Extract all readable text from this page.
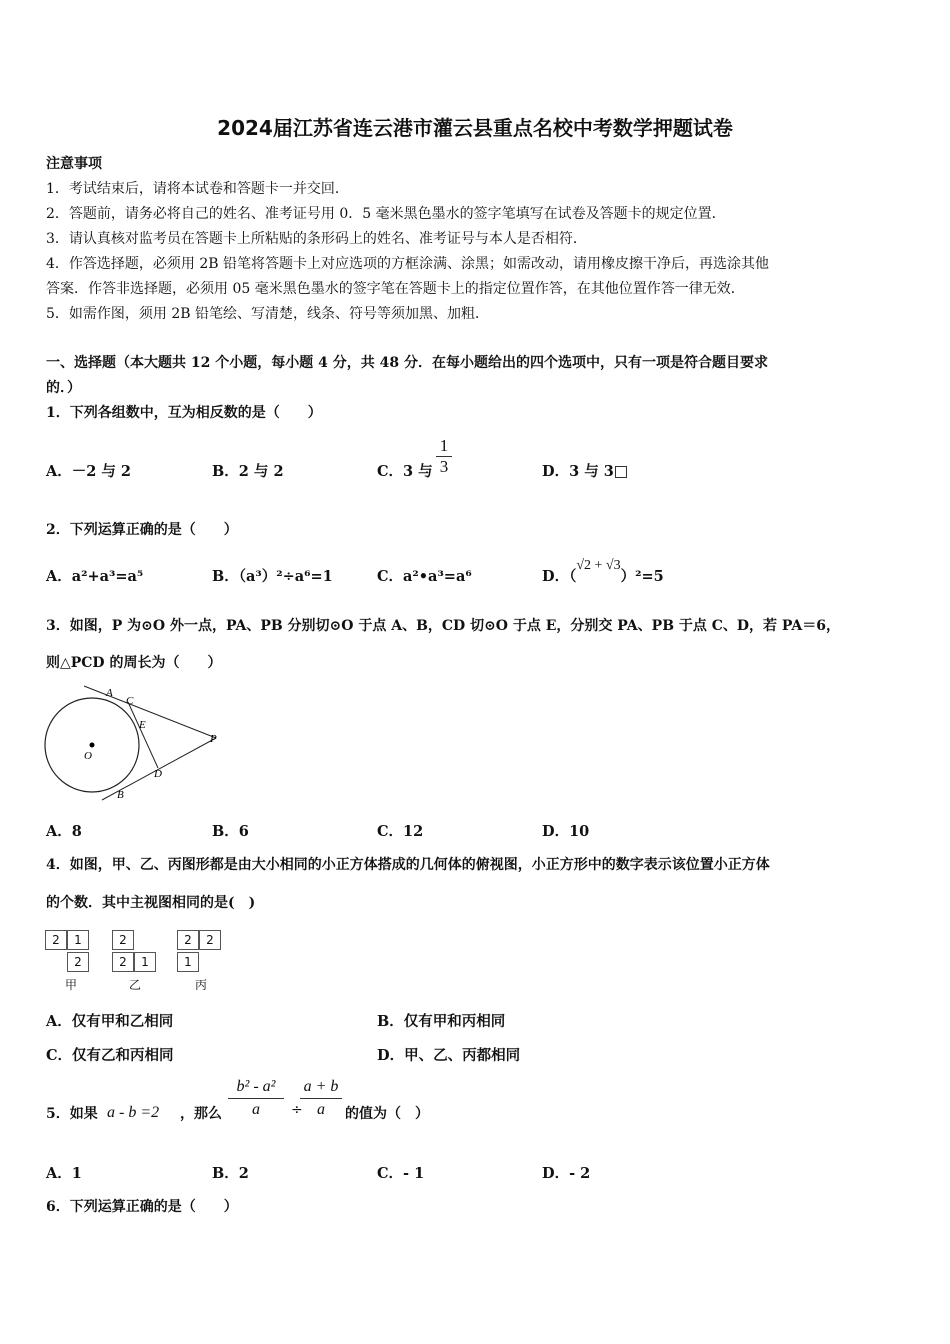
2024届江苏省连云港市灌云县重点名校中考数学押题试卷
注意事项
1．考试结束后，请将本试卷和答题卡一并交回．
2．答题前，请务必将自己的姓名、准考证号用 0．5 毫米黑色墨水的签字笔填写在试卷及答题卡的规定位置．
3．请认真核对监考员在答题卡上所粘贴的条形码上的姓名、准考证号与本人是否相符．
4．作答选择题，必须用 2B 铅笔将答题卡上对应选项的方框涂满、涂黑；如需改动，请用橡皮擦干净后，再选涂其他
答案．作答非选择题，必须用 05 毫米黑色墨水的签字笔在答题卡上的指定位置作答，在其他位置作答一律无效．
5．如需作图，须用 2B 铅笔绘、写清楚，线条、符号等须加黑、加粗．
一、选择题（本大题共 12 个小题，每小题 4 分，共 48 分．在每小题给出的四个选项中，只有一项是符合题目要求
的．）
1．下列各组数中，互为相反数的是（　　）
A．－2 与 2	B．2 与 2	C．3 与
1
3	D．3 与 3
2．下列运算正确的是（　　）
A．a²+a³=a⁵	B．（a³）²÷a⁶=1	C．a²•a³=a⁶	D．（√2 + √3）²=5
3．如图，P 为⊙O 外一点，PA、PB 分别切⊙O 于点 A、B，CD 切⊙O 于点 E，分别交 PA、PB 于点 C、D，若 PA＝6，
则△PCD 的周长为（　　）
A
C
E
P
D
B
O
A．8	B．6	C．12	D．10
4．如图，甲、乙、丙图形都是由大小相同的小正方体搭成的几何体的俯视图，小正方形中的数字表示该位置小正方体
的个数．其中主视图相同的是(　)
2	1
2
甲
2
2	1
乙
2	2
1
丙
A．仅有甲和乙相同	B．仅有甲和丙相同
C．仅有乙和丙相同	D．甲、乙、丙都相同
5．如果 a - b =2 ，那么
b² - a²
a	÷
a + b
a	的值为（　）
A．1	B．2	C．- 1	D．- 2
6．下列运算正确的是（　　）
